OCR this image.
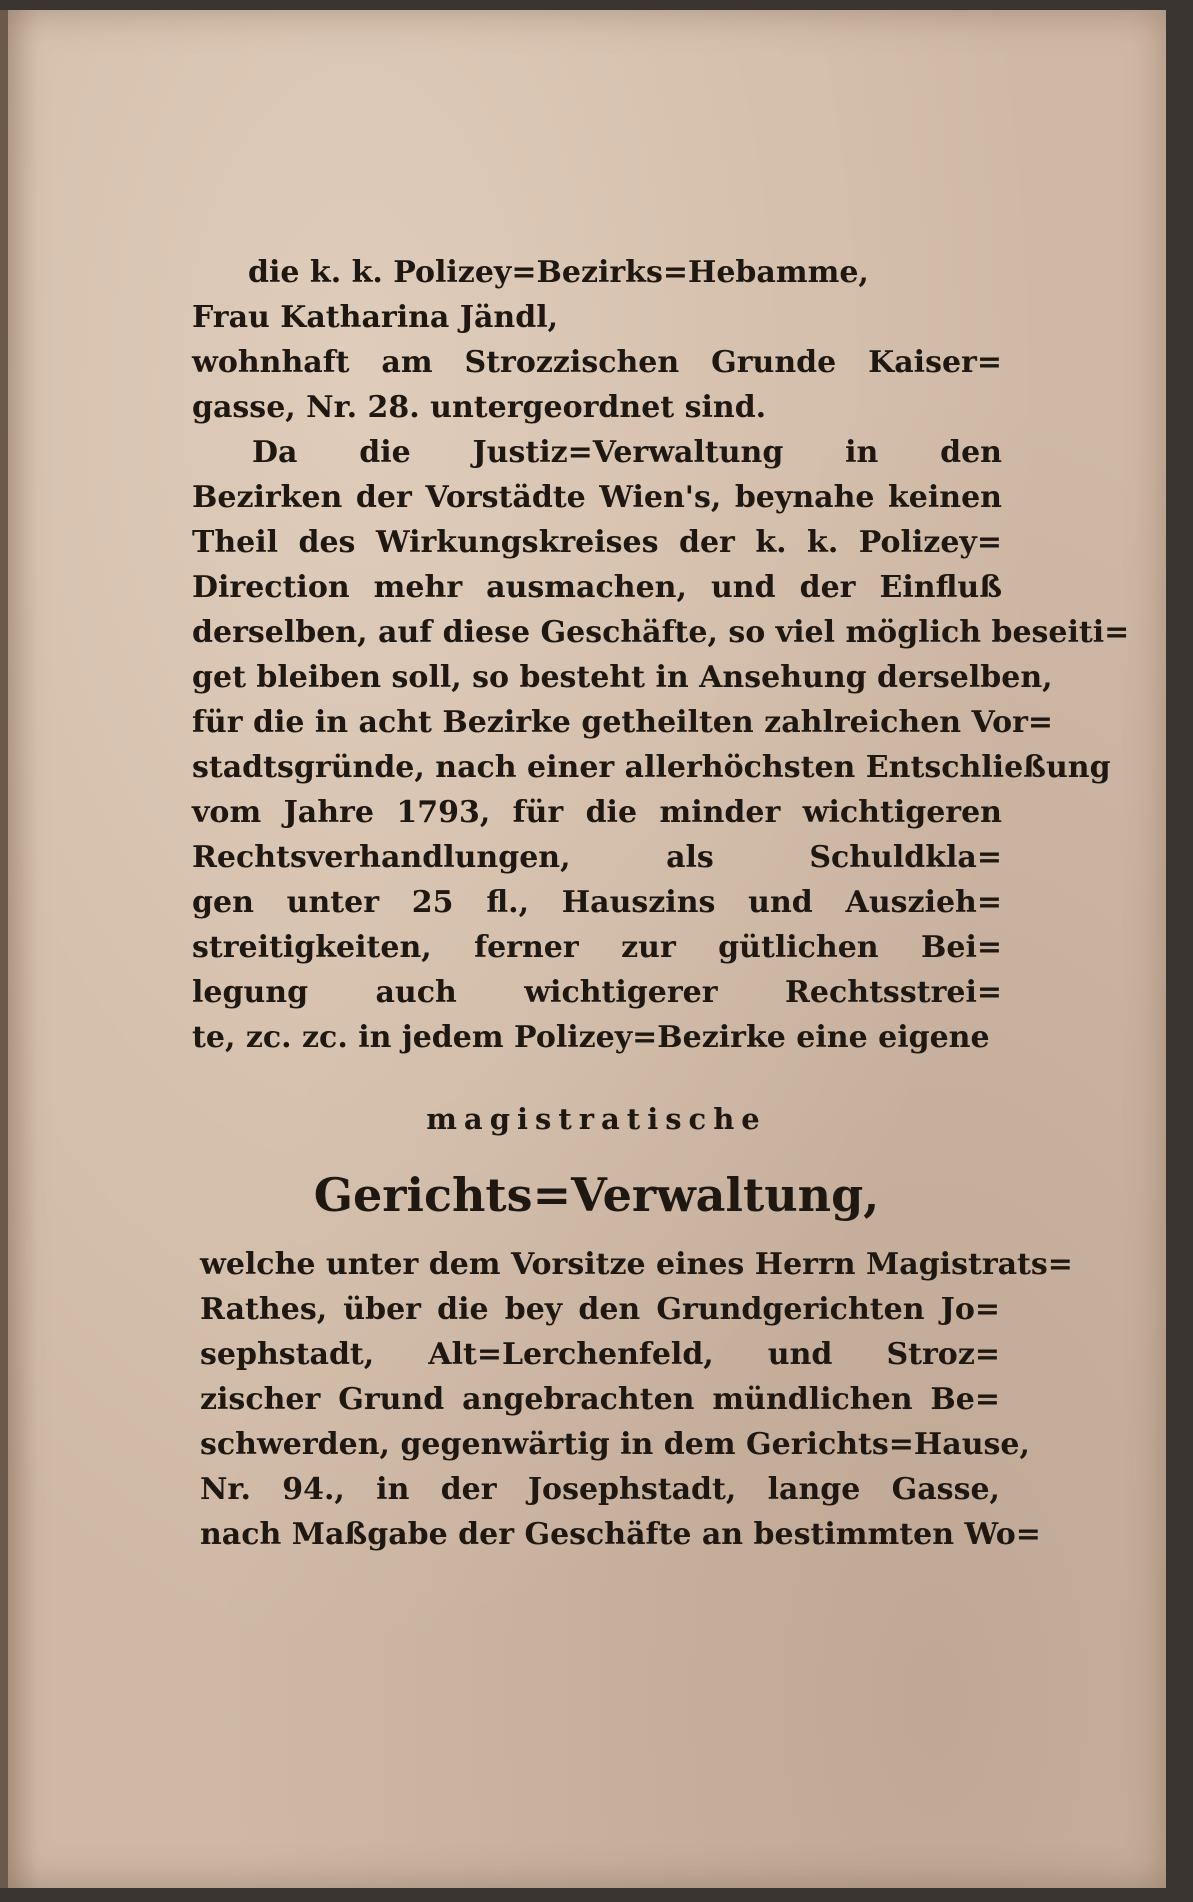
die k. k. Polizey=Bezirks=Hebamme,
Frau Katharina Jändl,
wohnhaft am Strozzischen Grunde Kaiser=
gasse, Nr. 28. untergeordnet sind.
Da die Justiz=Verwaltung in den
Bezirken der Vorstädte Wien's, beynahe keinen
Theil des Wirkungskreises der k. k. Polizey=
Direction mehr ausmachen, und der Einfluß
derselben, auf diese Geschäfte, so viel möglich beseiti=
get bleiben soll, so besteht in Ansehung derselben,
für die in acht Bezirke getheilten zahlreichen Vor=
stadtsgründe, nach einer allerhöchsten Entschließung
vom Jahre 1793, für die minder wichtigeren
Rechtsverhandlungen, als Schuldkla=
gen unter 25 fl., Hauszins und Auszieh=
streitigkeiten, ferner zur gütlichen Bei=
legung auch wichtigerer Rechtsstrei=
te, zc. zc. in jedem Polizey=Bezirke eine eigene
magistratische
Gerichts=Verwaltung,
welche unter dem Vorsitze eines Herrn Magistrats=
Rathes, über die bey den Grundgerichten Jo=
sephstadt, Alt=Lerchenfeld, und Stroz=
zischer Grund angebrachten mündlichen Be=
schwerden, gegenwärtig in dem Gerichts=Hause,
Nr. 94., in der Josephstadt, lange Gasse,
nach Maßgabe der Geschäfte an bestimmten Wo=
